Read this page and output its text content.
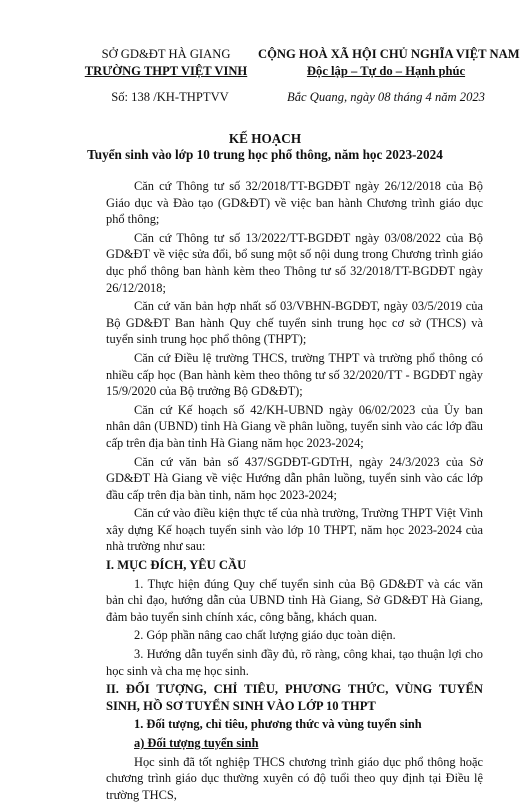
SỞ GD&ĐT HÀ GIANG
TRƯỜNG THPT VIỆT VINH
CỘNG HOÀ XÃ HỘI CHỦ NGHĨA VIỆT NAM
Độc lập – Tự do – Hạnh phúc
Số: 138 /KH-THPTVV	Bắc Quang, ngày 08 tháng 4 năm 2023
KẾ HOẠCH
Tuyển sinh vào lớp 10 trung học phổ thông, năm học 2023-2024

Căn cứ Thông tư số 32/2018/TT-BGDĐT ngày 26/12/2018 của Bộ Giáo dục và Đào tạo (GD&ĐT) về việc ban hành Chương trình giáo dục phổ thông;

Căn cứ Thông tư số 13/2022/TT-BGDĐT ngày 03/08/2022 của Bộ GD&ĐT về việc sửa đổi, bổ sung một số nội dung trong Chương trình giáo dục phổ thông ban hành kèm theo Thông tư số 32/2018/TT-BGDĐT ngày 26/12/2018;

Căn cứ văn bản hợp nhất số 03/VBHN-BGDĐT, ngày 03/5/2019 của Bộ GD&ĐT Ban hành Quy chế tuyển sinh trung học cơ sở (THCS) và tuyển sinh trung học phổ thông (THPT);

Căn cứ Điều lệ trường THCS, trường THPT và trường phổ thông có nhiều cấp học (Ban hành kèm theo thông tư số 32/2020/TT - BGDĐT ngày 15/9/2020 của Bộ trưởng Bộ GD&ĐT);

Căn cứ Kế hoạch số 42/KH-UBND ngày 06/02/2023 của Ủy ban nhân dân (UBND) tỉnh Hà Giang về phân luồng, tuyển sinh vào các lớp đầu cấp trên địa bàn tỉnh Hà Giang năm học 2023-2024;

Căn cứ văn bản số 437/SGDĐT-GDTrH, ngày 24/3/2023 của Sở GD&ĐT Hà Giang về việc Hướng dẫn phân luồng, tuyển sinh vào các lớp đầu cấp trên địa bàn tỉnh, năm học 2023-2024;

Căn cứ vào điều kiện thực tế của nhà trường, Trường THPT Việt Vinh xây dựng Kế hoạch tuyển sinh vào lớp 10 THPT, năm học 2023-2024 của nhà trường như sau:

I. MỤC ĐÍCH, YÊU CẦU

1. Thực hiện đúng Quy chế tuyển sinh của Bộ GD&ĐT và các văn bản chỉ đạo, hướng dẫn của UBND tỉnh Hà Giang, Sở GD&ĐT Hà Giang, đảm bảo tuyển sinh chính xác, công bằng, khách quan.

2. Góp phần nâng cao chất lượng giáo dục toàn diện.

3. Hướng dẫn tuyển sinh đầy đủ, rõ ràng, công khai, tạo thuận lợi cho học sinh và cha mẹ học sinh.

II. ĐỐI TƯỢNG, CHỈ TIÊU, PHƯƠNG THỨC, VÙNG TUYỂN SINH, HỒ SƠ TUYỂN SINH VÀO LỚP 10 THPT

1. Đối tượng, chỉ tiêu, phương thức và vùng tuyển sinh

a) Đối tượng tuyển sinh

Học sinh đã tốt nghiệp THCS chương trình giáo dục phổ thông hoặc chương trình giáo dục thường xuyên có độ tuổi theo quy định tại Điều lệ trường THCS,
